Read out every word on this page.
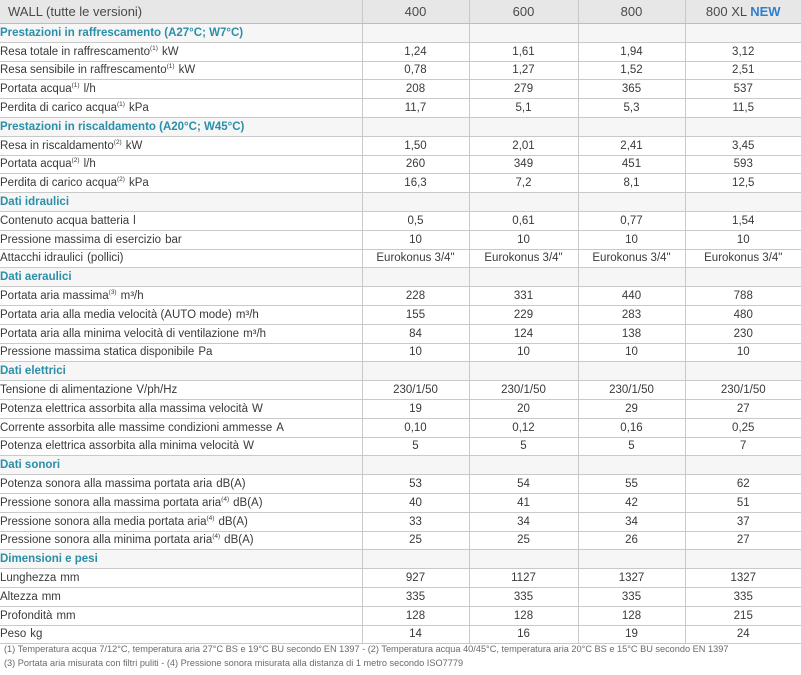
WALL (tutte le versioni)	400	600	800	800 XL NEW
Prestazioni in raffrescamento (A27°C; W7°C)				
Resa totale in raffrescamento$^{(1)}$ kW	1,24	1,61	1,94	3,12
Resa sensibile in raffrescamento$^{(1)}$ kW	0,78	1,27	1,52	2,51
Portata acqua$^{(1)}$ l/h	208	279	365	537
Perdita di carico acqua$^{(1)}$ kPa	11,7	5,1	5,3	11,5
Prestazioni in riscaldamento (A20°C; W45°C)				
Resa in riscaldamento$^{(2)}$ kW	1,50	2,01	2,41	3,45
Portata acqua$^{(2)}$ l/h	260	349	451	593
Perdita di carico acqua$^{(2)}$ kPa	16,3	7,2	8,1	12,5
Dati idraulici				
Contenuto acqua batteria l	0,5	0,61	0,77	1,54
Pressione massima di esercizio bar	10	10	10	10
Attacchi idraulici (pollici)	Eurokonus 3/4"	Eurokonus 3/4"	Eurokonus 3/4"	Eurokonus 3/4"
Dati aeraulici				
Portata aria massima$^{(3)}$ m³/h	228	331	440	788
Portata aria alla media velocità (AUTO mode) m³/h	155	229	283	480
Portata aria alla minima velocità di ventilazione m³/h	84	124	138	230
Pressione massima statica disponibile Pa	10	10	10	10
Dati elettrici				
Tensione di alimentazione V/ph/Hz	230/1/50	230/1/50	230/1/50	230/1/50
Potenza elettrica assorbita alla massima velocità W	19	20	29	27
Corrente assorbita alle massime condizioni ammesse A	0,10	0,12	0,16	0,25
Potenza elettrica assorbita alla minima velocità W	5	5	5	7
Dati sonori				
Potenza sonora alla massima portata aria dB(A)	53	54	55	62
Pressione sonora alla massima portata aria$^{(4)}$ dB(A)	40	41	42	51
Pressione sonora alla media portata aria$^{(4)}$ dB(A)	33	34	34	37
Pressione sonora alla minima portata aria$^{(4)}$ dB(A)	25	25	26	27
Dimensioni e pesi				
Lunghezza mm	927	1127	1327	1327
Altezza mm	335	335	335	335
Profondità mm	128	128	128	215
Peso kg	14	16	19	24
(1) Temperatura acqua 7/12°C, temperatura aria 27°C BS e 19°C BU secondo EN 1397 - (2) Temperatura acqua 40/45°C, temperatura aria 20°C BS e 15°C BU secondo EN 1397
(3) Portata aria misurata con filtri puliti - (4) Pressione sonora misurata alla distanza di 1 metro secondo ISO7779
